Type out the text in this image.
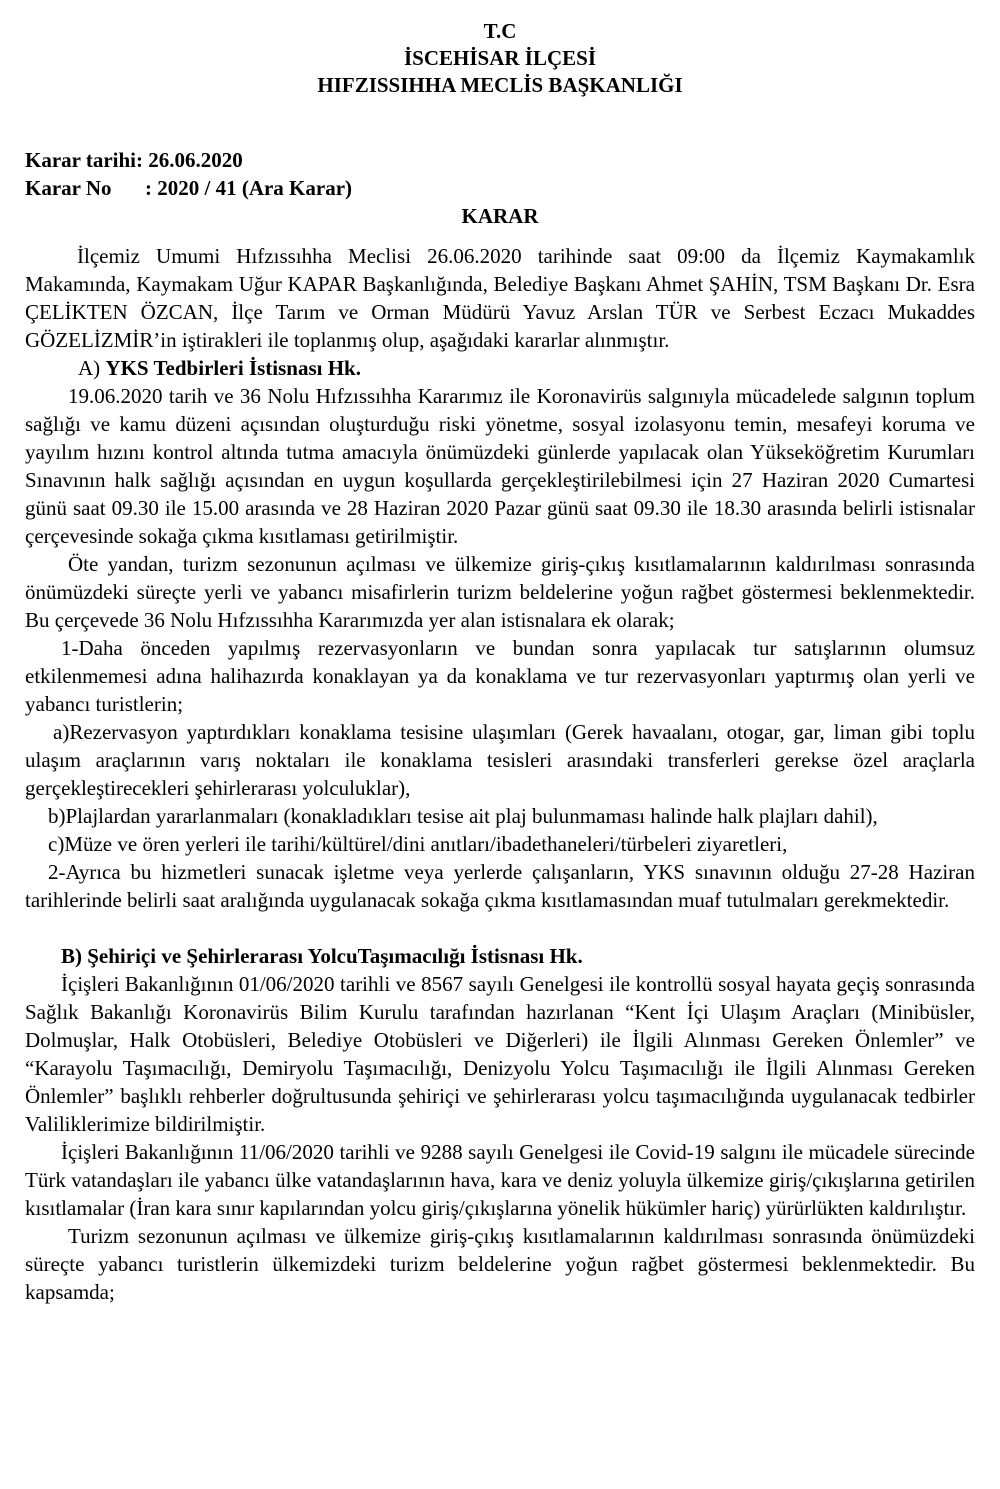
T.C
İSCEHİSAR İLÇESİ
HIFZISSIHHA MECLİS BAŞKANLIĞI
Karar tarihi: 26.06.2020
Karar No : 2020 / 41 (Ara Karar)
KARAR

İlçemiz Umumi Hıfzıssıhha Meclisi 26.06.2020 tarihinde saat 09:00 da İlçemiz Kaymakamlık Makamında, Kaymakam Uğur KAPAR Başkanlığında, Belediye Başkanı Ahmet ŞAHİN, TSM Başkanı Dr. Esra ÇELİKTEN ÖZCAN, İlçe Tarım ve Orman Müdürü Yavuz Arslan TÜR ve Serbest Eczacı Mukaddes GÖZELİZMİR’in iştirakleri ile toplanmış olup, aşağıdaki kararlar alınmıştır.

A) YKS Tedbirleri İstisnası Hk.

19.06.2020 tarih ve 36 Nolu Hıfzıssıhha Kararımız ile Koronavirüs salgınıyla mücadelede salgının toplum sağlığı ve kamu düzeni açısından oluşturduğu riski yönetme, sosyal izolasyonu temin, mesafeyi koruma ve yayılım hızını kontrol altında tutma amacıyla önümüzdeki günlerde yapılacak olan Yükseköğretim Kurumları Sınavının halk sağlığı açısından en uygun koşullarda gerçekleştirilebilmesi için 27 Haziran 2020 Cumartesi günü saat 09.30 ile 15.00 arasında ve 28 Haziran 2020 Pazar günü saat 09.30 ile 18.30 arasında belirli istisnalar çerçevesinde sokağa çıkma kısıtlaması getirilmiştir.

Öte yandan, turizm sezonunun açılması ve ülkemize giriş-çıkış kısıtlamalarının kaldırılması sonrasında önümüzdeki süreçte yerli ve yabancı misafirlerin turizm beldelerine yoğun rağbet göstermesi beklenmektedir. Bu çerçevede 36 Nolu Hıfzıssıhha Kararımızda yer alan istisnalara ek olarak;

1-Daha önceden yapılmış rezervasyonların ve bundan sonra yapılacak tur satışlarının olumsuz etkilenmemesi adına halihazırda konaklayan ya da konaklama ve tur rezervasyonları yaptırmış olan yerli ve yabancı turistlerin;

a)Rezervasyon yaptırdıkları konaklama tesisine ulaşımları (Gerek havaalanı, otogar, gar, liman gibi toplu ulaşım araçlarının varış noktaları ile konaklama tesisleri arasındaki transferleri gerekse özel araçlarla gerçekleştirecekleri şehirlerarası yolculuklar),

b)Plajlardan yararlanmaları (konakladıkları tesise ait plaj bulunmaması halinde halk plajları dahil),

c)Müze ve ören yerleri ile tarihi/kültürel/dini anıtları/ibadethaneleri/türbeleri ziyaretleri,

2-Ayrıca bu hizmetleri sunacak işletme veya yerlerde çalışanların, YKS sınavının olduğu 27-28 Haziran tarihlerinde belirli saat aralığında uygulanacak sokağa çıkma kısıtlamasından muaf tutulmaları gerekmektedir.

B) Şehiriçi ve Şehirlerarası YolcuTaşımacılığı İstisnası Hk.

İçişleri Bakanlığının 01/06/2020 tarihli ve 8567 sayılı Genelgesi ile kontrollü sosyal hayata geçiş sonrasında Sağlık Bakanlığı Koronavirüs Bilim Kurulu tarafından hazırlanan “Kent İçi Ulaşım Araçları (Minibüsler, Dolmuşlar, Halk Otobüsleri, Belediye Otobüsleri ve Diğerleri) ile İlgili Alınması Gereken Önlemler” ve “Karayolu Taşımacılığı, Demiryolu Taşımacılığı, Denizyolu Yolcu Taşımacılığı ile İlgili Alınması Gereken Önlemler” başlıklı rehberler doğrultusunda şehiriçi ve şehirlerarası yolcu taşımacılığında uygulanacak tedbirler Valiliklerimize bildirilmiştir.

İçişleri Bakanlığının 11/06/2020 tarihli ve 9288 sayılı Genelgesi ile Covid-19 salgını ile mücadele sürecinde Türk vatandaşları ile yabancı ülke vatandaşlarının hava, kara ve deniz yoluyla ülkemize giriş/çıkışlarına getirilen kısıtlamalar (İran kara sınır kapılarından yolcu giriş/çıkışlarına yönelik hükümler hariç) yürürlükten kaldırılıştır.

Turizm sezonunun açılması ve ülkemize giriş-çıkış kısıtlamalarının kaldırılması sonrasında önümüzdeki süreçte yabancı turistlerin ülkemizdeki turizm beldelerine yoğun rağbet göstermesi beklenmektedir. Bu kapsamda;
